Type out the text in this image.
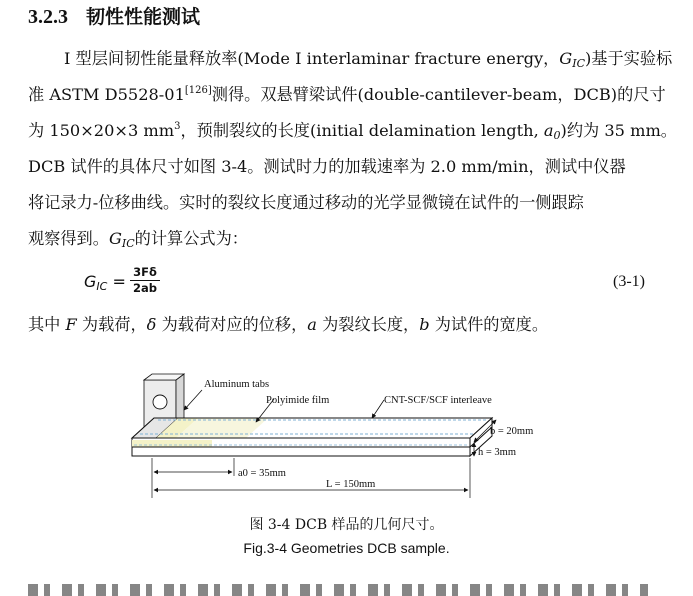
3.2.3 韧性性能测试

I 型层间韧性能量释放率(Mode I interlaminar fracture energy，$G_{IC}$)基于实验标

准 ASTM D5528-01[126]测得。双悬臂梁试件(double-cantilever-beam，DCB)的尺寸

为 150×20×3 $mm^3$，预制裂纹的长度(initial delamination length, $a_0$)约为 35 mm。

DCB 试件的具体尺寸如图 3-4。测试时力的加载速率为 2.0 mm/min，测试中仪器

将记录力-位移曲线。实时的裂纹长度通过移动的光学显微镜在试件的一侧跟踪

观察得到。$G_{IC}$的计算公式为：

$G_{IC} = 3F\delta$
2ab	(3-1)

其中 F 为载荷，δ 为载荷对应的位移，a 为裂纹长度，b 为试件的宽度。

Aluminum tabs
Polyimide film	CNT-SCF/SCF interleave
b = 20mm
h = 3mm
a0 = 35mm
L = 150mm

图 3-4 DCB 样品的几何尺寸。

Fig.3-4 Geometries DCB sample.
